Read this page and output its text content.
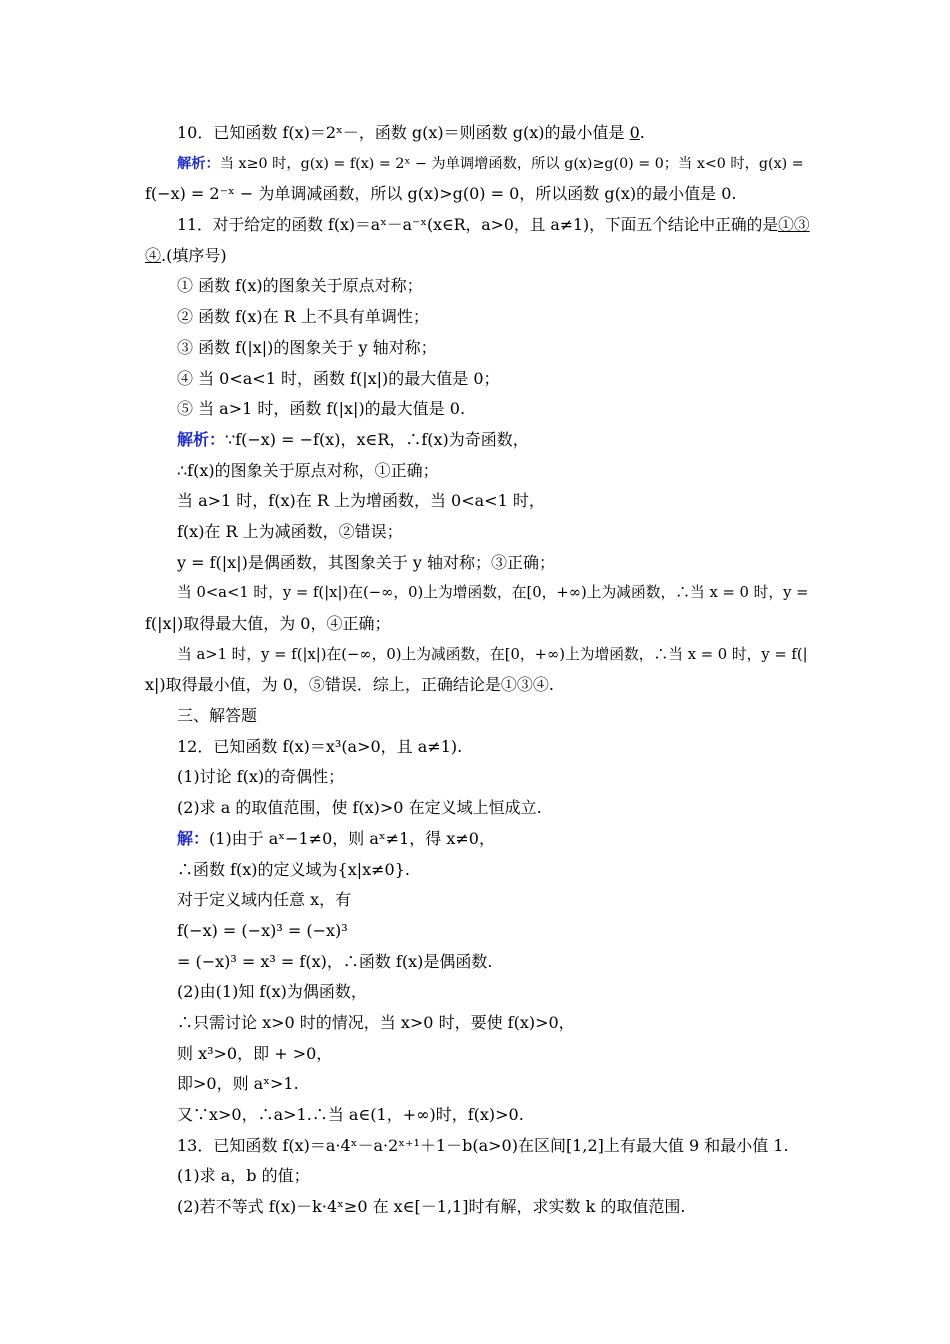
10．已知函数 f(x)＝2ˣ－，函数 g(x)＝则函数 g(x)的最小值是 0.
解析：当 x≥0 时，g(x) = f(x) = 2ˣ − 为单调增函数，所以 g(x)≥g(0) = 0；当 x<0 时，g(x) =
f(−x) = 2⁻ˣ − 为单调减函数，所以 g(x)>g(0) = 0，所以函数 g(x)的最小值是 0.
11．对于给定的函数 f(x)＝aˣ－a⁻ˣ(x∈R，a>0，且 a≠1)，下面五个结论中正确的是①③
④.(填序号)
① 函数 f(x)的图象关于原点对称；
② 函数 f(x)在 R 上不具有单调性；
③ 函数 f(|x|)的图象关于 y 轴对称；
④ 当 0<a<1 时，函数 f(|x|)的最大值是 0；
⑤ 当 a>1 时，函数 f(|x|)的最大值是 0.
解析：∵f(−x) = −f(x)，x∈R，∴f(x)为奇函数，
∴f(x)的图象关于原点对称，①正确；
当 a>1 时，f(x)在 R 上为增函数，当 0<a<1 时，
f(x)在 R 上为减函数，②错误；
y = f(|x|)是偶函数，其图象关于 y 轴对称；③正确；
当 0<a<1 时，y = f(|x|)在(−∞，0)上为增函数，在[0，+∞)上为减函数，∴当 x = 0 时，y =
f(|x|)取得最大值，为 0，④正确；
当 a>1 时，y = f(|x|)在(−∞，0)上为减函数，在[0，+∞)上为增函数，∴当 x = 0 时，y = f(|
x|)取得最小值，为 0，⑤错误．综上，正确结论是①③④.
三、解答题
12．已知函数 f(x)＝x³(a>0，且 a≠1).
(1)讨论 f(x)的奇偶性；
(2)求 a 的取值范围，使 f(x)>0 在定义域上恒成立.
解：(1)由于 aˣ−1≠0，则 aˣ≠1，得 x≠0，
∴函数 f(x)的定义域为{x|x≠0}.
对于定义域内任意 x，有
f(−x) = (−x)³ = (−x)³
= (−x)³ = x³ = f(x)，∴函数 f(x)是偶函数.
(2)由(1)知 f(x)为偶函数，
∴只需讨论 x>0 时的情况，当 x>0 时，要使 f(x)>0，
则 x³>0，即 + >0，
即>0，则 aˣ>1.
又∵x>0，∴a>1.∴当 a∈(1，+∞)时，f(x)>0.
13．已知函数 f(x)＝a·4ˣ－a·2ˣ⁺¹＋1－b(a>0)在区间[1,2]上有最大值 9 和最小值 1.
(1)求 a，b 的值；
(2)若不等式 f(x)－k·4ˣ≥0 在 x∈[－1,1]时有解，求实数 k 的取值范围.
